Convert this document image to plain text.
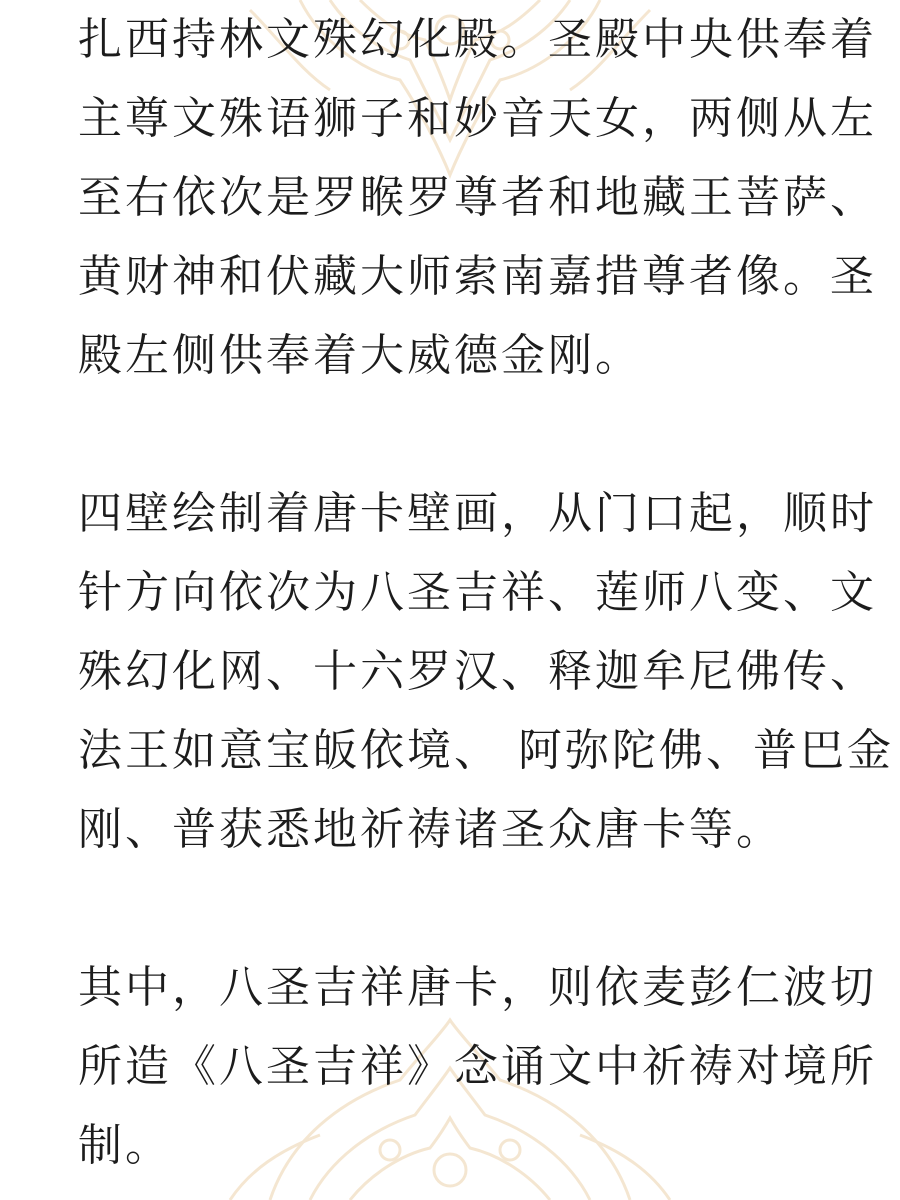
扎西持林文殊幻化殿。圣殿中央供奉着
主尊文殊语狮子和妙音天女，两侧从左
至右依次是罗睺罗尊者和地藏王菩萨、
黄财神和伏藏大师索南嘉措尊者像。圣
殿左侧供奉着大威德金刚。
四壁绘制着唐卡壁画，从门口起，顺时
针方向依次为八圣吉祥、莲师八变、文
殊幻化网、十六罗汉、释迦牟尼佛传、
法王如意宝皈依境、 阿弥陀佛、普巴金
刚、普获悉地祈祷诸圣众唐卡等。
其中，八圣吉祥唐卡，则依麦彭仁波切
所造《八圣吉祥》念诵文中祈祷对境所
制。
